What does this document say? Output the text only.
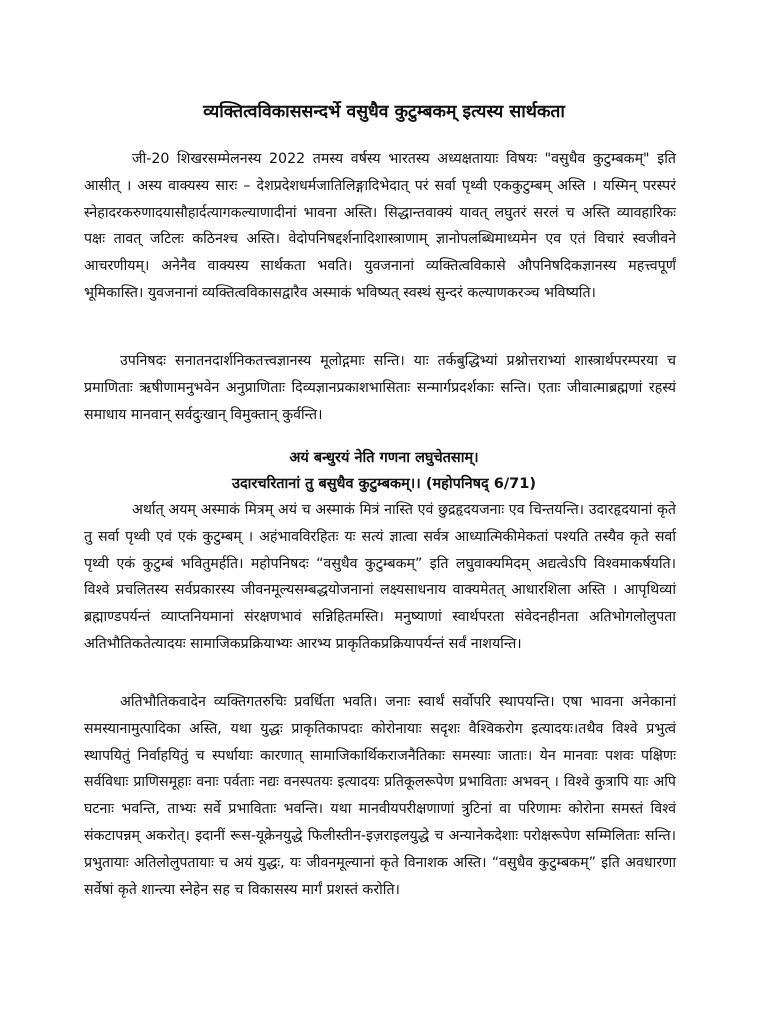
व्यक्तित्वविकाससन्दर्भे वसुधैव कुटुम्बकम् इत्यस्य सार्थकता

जी-20 शिखरसम्मेलनस्य 2022 तमस्य वर्षस्य भारतस्य अध्यक्षतायाः विषयः "वसुधैव कुटुम्बकम्" इति आसीत् । अस्य वाक्यस्य सारः – देशप्रदेशधर्मजातिलिङ्गादिभेदात् परं सर्वा पृथ्वी एककुटुम्बम् अस्ति । यस्मिन् परस्परं स्नेहादरकरुणादयासौहार्दत्यागकल्याणादीनां भावना अस्ति। सिद्धान्तवाक्यं यावत् लघुतरं सरलं च अस्ति व्यावहारिकः पक्षः तावत् जटिलः कठिनश्च अस्ति। वेदोपनिषद्दर्शनादिशास्त्राणाम् ज्ञानोपलब्धिमाध्यमेन एव एतं विचारं स्वजीवने आचरणीयम्। अनेनैव वाक्यस्य सार्थकता भवति। युवजनानां व्यक्तित्वविकासे औपनिषदिकज्ञानस्य महत्त्वपूर्णं भूमिकास्ति। युवजनानां व्यक्तित्वविकासद्वारैव अस्माकं भविष्यत् स्वस्थं सुन्दरं कल्याणकरञ्च भविष्यति।

उपनिषदः सनातनदार्शनिकतत्त्वज्ञानस्य मूलोद्गमाः सन्ति। याः तर्कबुद्धिभ्यां प्रश्नोत्तराभ्यां शास्त्रार्थपरम्परया च प्रमाणिताः ऋषीणामनुभवेन अनुप्राणिताः दिव्यज्ञानप्रकाशभासिताः सन्मार्गप्रदर्शकाः सन्ति। एताः जीवात्माब्रह्मणां रहस्यं समाधाय मानवान् सर्वदुःखान् विमुक्तान् कुर्वन्ति।

अयं बन्धुरयं नेति गणना लघुचेतसाम्।
उदारचरितानां तु बसुधैव कुटुम्बकम्।। (महोपनिषद् 6/71)

अर्थात् अयम् अस्माकं मित्रम् अयं च अस्माकं मित्रं नास्ति एवं छुद्रहृदयजनाः एव चिन्तयन्ति। उदारहृदयानां कृते तु सर्वा पृथ्वी एवं एकं कुटुम्बम् । अहंभावविरहितः यः सत्यं ज्ञात्वा सर्वत्र आध्यात्मिकीमेकतां पश्यति तस्यैव कृते सर्वा पृथ्वी एकं कुटुम्बं भवितुमर्हति। महोपनिषदः “वसुधैव कुटुम्बकम्” इति लघुवाक्यमिदम् अद्यत्वेऽपि विश्वमाकर्षयति। विश्वे प्रचलितस्य सर्वप्रकारस्य जीवनमूल्यसम्बद्धयोजनानां लक्ष्यसाधनाय वाक्यमेतत् आधारशिला अस्ति । आपृथिव्यां ब्रह्माण्डपर्यन्तं व्याप्तनियमानां संरक्षणभावं सन्निहितमस्ति। मनुष्याणां स्वार्थपरता संवेदनहीनता अतिभोगलोलुपता अतिभौतिकतेत्यादयः सामाजिकप्रक्रियाभ्यः आरभ्य प्राकृतिकप्रक्रियापर्यन्तं सर्वं नाशयन्ति।

अतिभौतिकवादेन व्यक्तिगतरुचिः प्रवर्धिता भवति। जनाः स्वार्थं सर्वोपरि स्थापयन्ति। एषा भावना अनेकानां समस्यानामुत्पादिका अस्ति, यथा युद्धः प्राकृतिकापदाः कोरोनायाः सदृशः वैश्विकरोग इत्यादयः।तथैव विश्वे प्रभुत्वं स्थापयितुं निर्वाहयितुं च स्पर्धायाः कारणात् सामाजिकार्थिकराजनैतिकाः समस्याः जाताः। येन मानवाः पशवः पक्षिणः सर्वविधाः प्राणिसमूहाः वनाः पर्वताः नद्यः वनस्पतयः इत्यादयः प्रतिकूलरूपेण प्रभाविताः अभवन् । विश्वे कुत्रापि याः अपि घटनाः भवन्ति, ताभ्यः सर्वे प्रभाविताः भवन्ति। यथा मानवीयपरीक्षणाणां त्रुटिनां वा परिणामः कोरोना समस्तं विश्वं संकटापन्नम् अकरोत्। इदानीं रूस-यूक्रेनयुद्धे फिलीस्तीन-इज़राइलयुद्धे च अन्यानेकदेशाः परोक्षरूपेण सम्मिलिताः सन्ति। प्रभुतायाः अतिलोलुपतायाः च अयं युद्धः, यः जीवनमूल्यानां कृते विनाशक अस्ति। “वसुधैव कुटुम्बकम्” इति अवधारणा सर्वेषां कृते शान्त्या स्नेहेन सह च विकासस्य मार्गं प्रशस्तं करोति।
